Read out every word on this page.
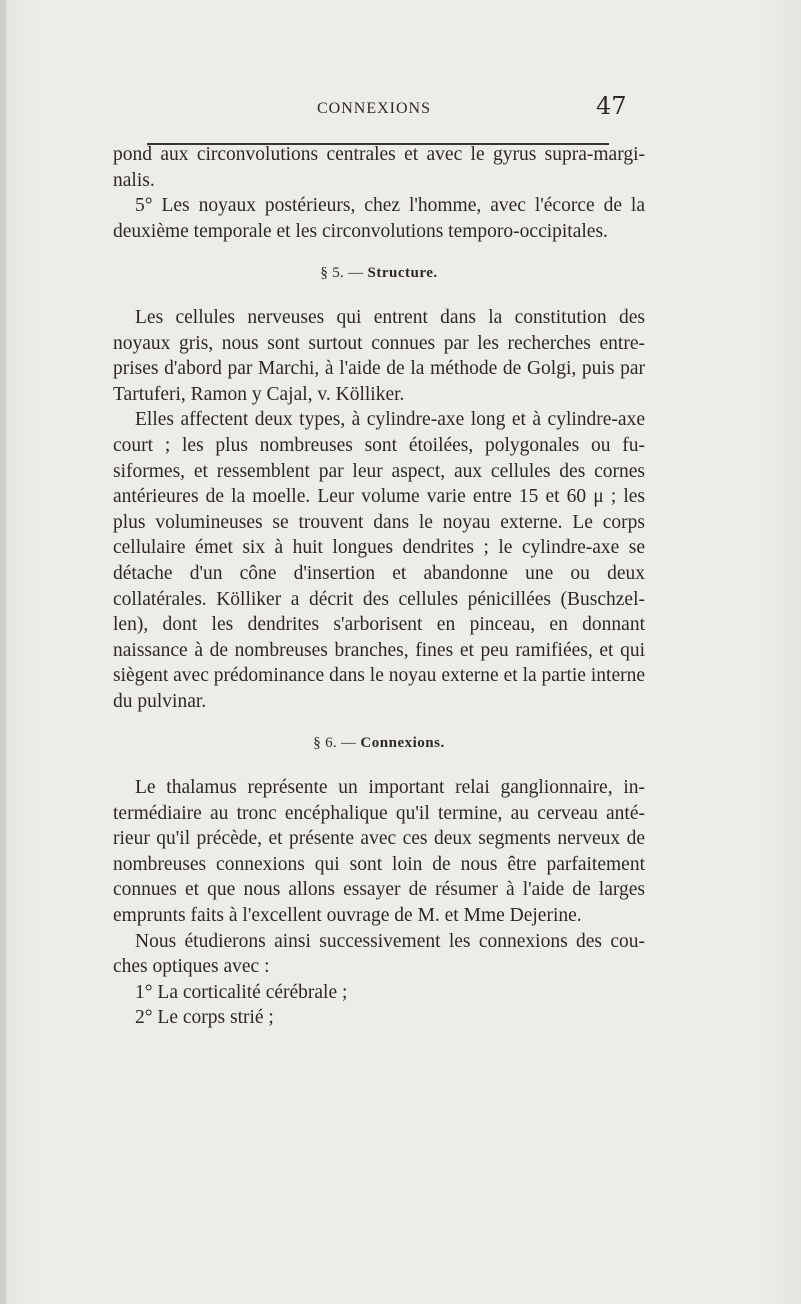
CONNEXIONS	47

pond aux circonvolutions centrales et avec le gyrus supra-margi-nalis.

5° Les noyaux postérieurs, chez l'homme, avec l'écorce de la deuxième temporale et les circonvolutions temporo-occipitales.

§ 5. — Structure.

Les cellules nerveuses qui entrent dans la constitution des noyaux gris, nous sont surtout connues par les recherches entre-prises d'abord par Marchi, à l'aide de la méthode de Golgi, puis par Tartuferi, Ramon y Cajal, v. Kölliker.

Elles affectent deux types, à cylindre-axe long et à cylindre-axe court ; les plus nombreuses sont étoilées, polygonales ou fu-siformes, et ressemblent par leur aspect, aux cellules des cornes antérieures de la moelle. Leur volume varie entre 15 et 60 μ ; les plus volumineuses se trouvent dans le noyau externe. Le corps cellulaire émet six à huit longues dendrites ; le cylindre-axe se détache d'un cône d'insertion et abandonne une ou deux collatérales. Kölliker a décrit des cellules pénicillées (Buschzel-len), dont les dendrites s'arborisent en pinceau, en donnant naissance à de nombreuses branches, fines et peu ramifiées, et qui siègent avec prédominance dans le noyau externe et la partie interne du pulvinar.

§ 6. — Connexions.

Le thalamus représente un important relai ganglionnaire, in-termédiaire au tronc encéphalique qu'il termine, au cerveau anté-rieur qu'il précède, et présente avec ces deux segments nerveux de nombreuses connexions qui sont loin de nous être parfaitement connues et que nous allons essayer de résumer à l'aide de larges emprunts faits à l'excellent ouvrage de M. et Mme Dejerine.

Nous étudierons ainsi successivement les connexions des cou-ches optiques avec :

1° La corticalité cérébrale ;

2° Le corps strié ;
